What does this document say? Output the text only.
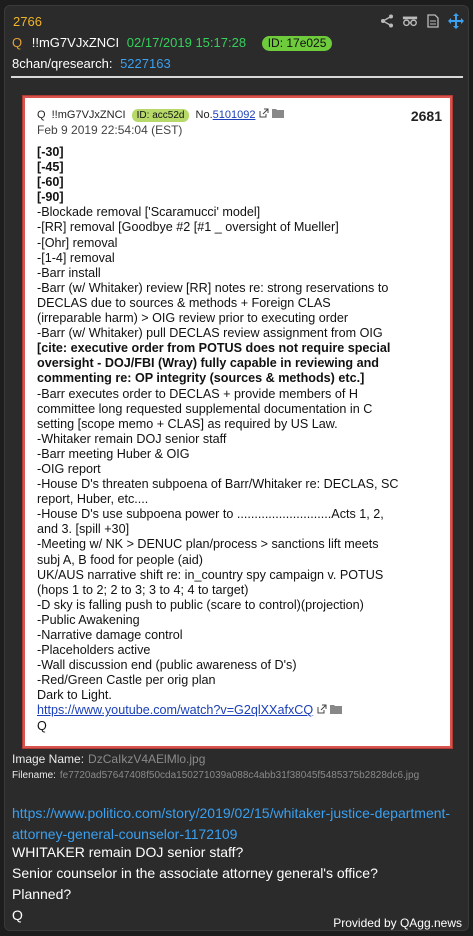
2766
Q !!mG7VJxZNCI 02/17/2019 15:17:28 ID: 17e025
8chan/qresearch: 5227163
Q !!mG7VJxZNCI ID: acc52d No.5101092	2681
Feb 9 2019 22:54:04 (EST)
[-30]
[-45]
[-60]
[-90]
-Blockade removal ['Scaramucci' model]
-[RR] removal [Goodbye #2 [#1 _ oversight of Mueller]
-[Ohr] removal
-[1-4] removal
-Barr install
-Barr (w/ Whitaker) review [RR] notes re: strong reservations to
DECLAS due to sources & methods + Foreign CLAS
(irreparable harm) > OIG review prior to executing order
-Barr (w/ Whitaker) pull DECLAS review assignment from OIG
[cite: executive order from POTUS does not require special
oversight - DOJ/FBI (Wray) fully capable in reviewing and
commenting re: OP integrity (sources & methods) etc.]
-Barr executes order to DECLAS + provide members of H
committee long requested supplemental documentation in C
setting [scope memo + CLAS] as required by US Law.
-Whitaker remain DOJ senior staff
-Barr meeting Huber & OIG
-OIG report
-House D's threaten subpoena of Barr/Whitaker re: DECLAS, SC
report, Huber, etc....
-House D's use subpoena power to ...........................Acts 1, 2,
and 3. [spill +30]
-Meeting w/ NK > DENUC plan/process > sanctions lift meets
subj A, B food for people (aid)
UK/AUS narrative shift re: in_country spy campaign v. POTUS
(hops 1 to 2; 2 to 3; 3 to 4; 4 to target)
-D sky is falling push to public (scare to control)(projection)
-Public Awakening
-Narrative damage control
-Placeholders active
-Wall discussion end (public awareness of D's)
-Red/Green Castle per orig plan
Dark to Light.
https://www.youtube.com/watch?v=G2qlXXafxCQ
Q
Image Name: DzCaIkzV4AElMlo.jpg
Filename: fe7720ad57647408f50cda150271039a088c4abb31f38045f5485375b2828dc6.jpg
https://www.politico.com/story/2019/02/15/whitaker-justice-department-attorney-general-counselor-1172109
WHITAKER remain DOJ senior staff?
Senior counselor in the associate attorney general's office?
Planned?
Q	Provided by QAgg.news
